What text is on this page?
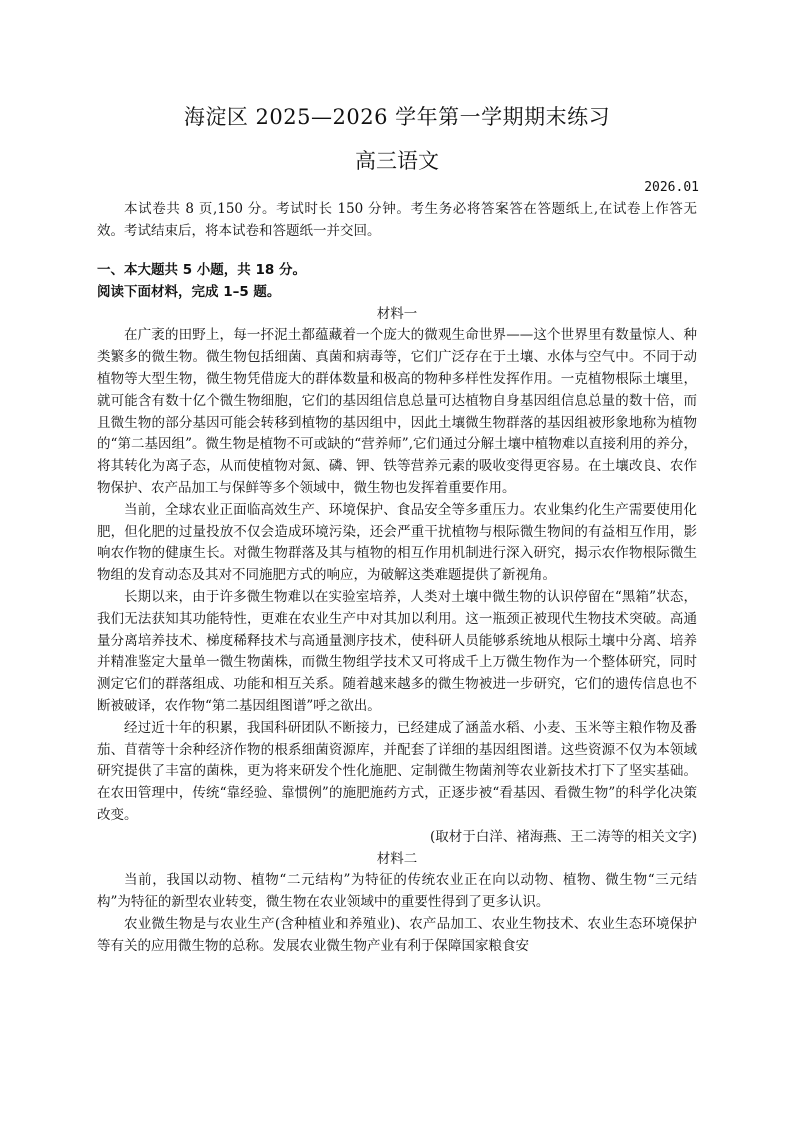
海淀区 2025—2026 学年第一学期期末练习
高三语文
2026.01

本试卷共 8 页,150 分。考试时长 150 分钟。考生务必将答案答在答题纸上,在试卷上作答无效。考试结束后，将本试卷和答题纸一并交回。

一、本大题共 5 小题，共 18 分。

阅读下面材料，完成 1–5 题。

材料一

在广袤的田野上，每一抔泥土都蕴藏着一个庞大的微观生命世界——这个世界里有数量惊人、种类繁多的微生物。微生物包括细菌、真菌和病毒等，它们广泛存在于土壤、水体与空气中。不同于动植物等大型生物，微生物凭借庞大的群体数量和极高的物种多样性发挥作用。一克植物根际土壤里，就可能含有数十亿个微生物细胞，它们的基因组信息总量可达植物自身基因组信息总量的数十倍，而且微生物的部分基因可能会转移到植物的基因组中，因此土壤微生物群落的基因组被形象地称为植物的“第二基因组”。微生物是植物不可或缺的“营养师”,它们通过分解土壤中植物难以直接利用的养分，将其转化为离子态，从而使植物对氮、磷、钾、铁等营养元素的吸收变得更容易。在土壤改良、农作物保护、农产品加工与保鲜等多个领域中，微生物也发挥着重要作用。

当前，全球农业正面临高效生产、环境保护、食品安全等多重压力。农业集约化生产需要使用化肥，但化肥的过量投放不仅会造成环境污染，还会严重干扰植物与根际微生物间的有益相互作用，影响农作物的健康生长。对微生物群落及其与植物的相互作用机制进行深入研究，揭示农作物根际微生物组的发育动态及其对不同施肥方式的响应，为破解这类难题提供了新视角。

长期以来，由于许多微生物难以在实验室培养，人类对土壤中微生物的认识停留在“黑箱”状态，我们无法获知其功能特性，更难在农业生产中对其加以利用。这一瓶颈正被现代生物技术突破。高通量分离培养技术、梯度稀释技术与高通量测序技术，使科研人员能够系统地从根际土壤中分离、培养并精准鉴定大量单一微生物菌株，而微生物组学技术又可将成千上万微生物作为一个整体研究，同时测定它们的群落组成、功能和相互关系。随着越来越多的微生物被进一步研究，它们的遗传信息也不断被破译，农作物“第二基因组图谱”呼之欲出。

经过近十年的积累，我国科研团队不断接力，已经建成了涵盖水稻、小麦、玉米等主粮作物及番茄、苜蓿等十余种经济作物的根系细菌资源库，并配套了详细的基因组图谱。这些资源不仅为本领域研究提供了丰富的菌株，更为将来研发个性化施肥、定制微生物菌剂等农业新技术打下了坚实基础。在农田管理中，传统“靠经验、靠惯例”的施肥施药方式，正逐步被“看基因、看微生物”的科学化决策改变。

(取材于白洋、褚海燕、王二涛等的相关文字)

材料二

当前，我国以动物、植物“二元结构”为特征的传统农业正在向以动物、植物、微生物“三元结构”为特征的新型农业转变，微生物在农业领域中的重要性得到了更多认识。

农业微生物是与农业生产(含种植业和养殖业)、农产品加工、农业生物技术、农业生态环境保护等有关的应用微生物的总称。发展农业微生物产业有利于保障国家粮食安
